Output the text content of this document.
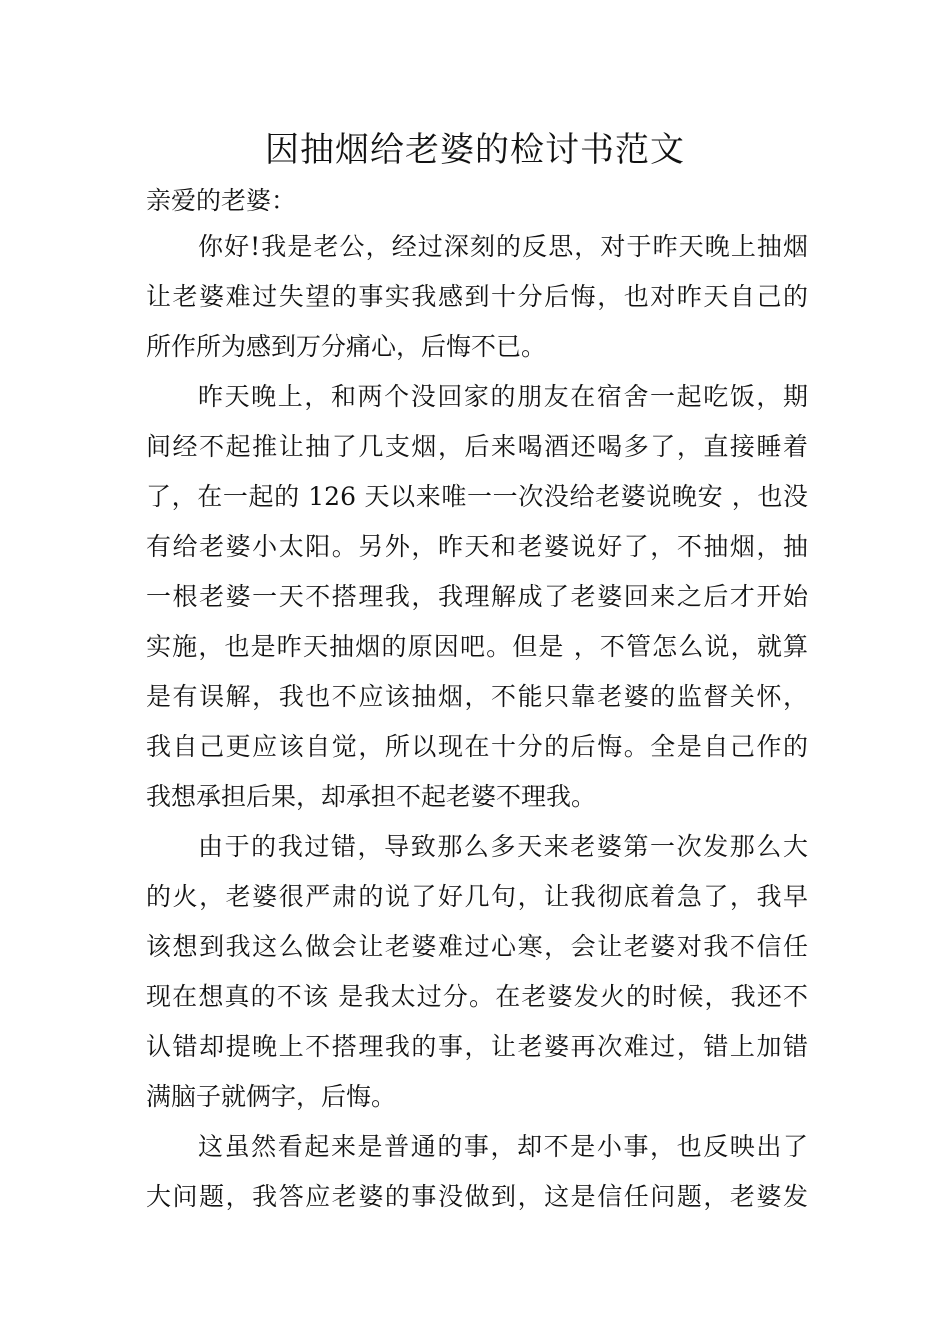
因抽烟给老婆的检讨书范文

亲爱的老婆：

你好!我是老公，经过深刻的反思，对于昨天晚上抽烟

让老婆难过失望的事实我感到十分后悔，也对昨天自己的

所作所为感到万分痛心，后悔不已。

昨天晚上，和两个没回家的朋友在宿舍一起吃饭，期

间经不起推让抽了几支烟，后来喝酒还喝多了，直接睡着

了，在一起的 126 天以来唯一一次没给老婆说晚安 ，也没

有给老婆小太阳。另外，昨天和老婆说好了，不抽烟，抽

一根老婆一天不搭理我，我理解成了老婆回来之后才开始

实施，也是昨天抽烟的原因吧。但是 ，不管怎么说，就算

是有误解，我也不应该抽烟，不能只靠老婆的监督关怀，

我自己更应该自觉，所以现在十分的后悔。全是自己作的

我想承担后果，却承担不起老婆不理我。

由于的我过错，导致那么多天来老婆第一次发那么大

的火，老婆很严肃的说了好几句，让我彻底着急了，我早

该想到我这么做会让老婆难过心寒，会让老婆对我不信任

现在想真的不该 是我太过分。在老婆发火的时候，我还不

认错却提晚上不搭理我的事，让老婆再次难过，错上加错

满脑子就俩字，后悔。

这虽然看起来是普通的事，却不是小事，也反映出了

大问题，我答应老婆的事没做到，这是信任问题，老婆发
